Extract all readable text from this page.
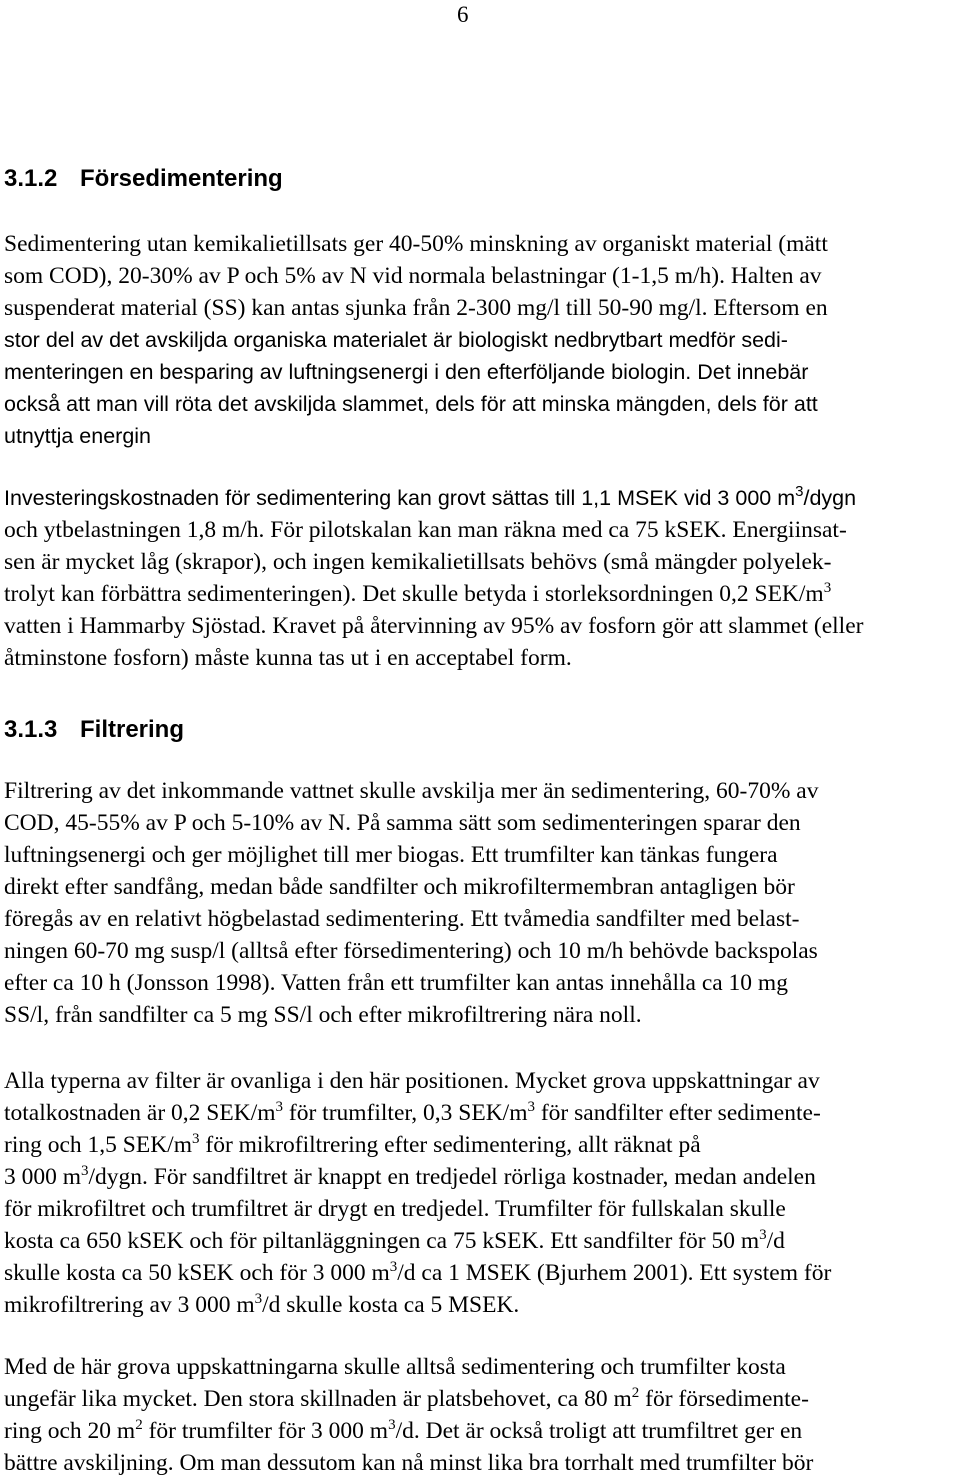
6
3.1.2 Försedimentering
Sedimentering utan kemikalietillsats ger 40-50% minskning av organiskt material (mätt
som COD), 20-30% av P och 5% av N vid normala belastningar (1-1,5 m/h). Halten av
suspenderat material (SS) kan antas sjunka från 2-300 mg/l till 50-90 mg/l. Eftersom en
stor del av det avskiljda organiska materialet är biologiskt nedbrytbart medför sedi-
menteringen en besparing av luftningsenergi i den efterföljande biologin. Det innebär
också att man vill röta det avskiljda slammet, dels för att minska mängden, dels för att
utnyttja energin
Investeringskostnaden för sedimentering kan grovt sättas till 1,1 MSEK vid 3 000 $m^3$/dygn
och ytbelastningen 1,8 m/h. För pilotskalan kan man räkna med ca 75 kSEK. Energiinsat-
sen är mycket låg (skrapor), och ingen kemikalietillsats behövs (små mängder polyelek-
trolyt kan förbättra sedimenteringen). Det skulle betyda i storleksordningen 0,2 SEK/$m^3$
vatten i Hammarby Sjöstad. Kravet på återvinning av 95% av fosforn gör att slammet (eller
åtminstone fosforn) måste kunna tas ut i en acceptabel form.
3.1.3 Filtrering
Filtrering av det inkommande vattnet skulle avskilja mer än sedimentering, 60-70% av
COD, 45-55% av P och 5-10% av N. På samma sätt som sedimenteringen sparar den
luftningsenergi och ger möjlighet till mer biogas. Ett trumfilter kan tänkas fungera
direkt efter sandfång, medan både sandfilter och mikrofiltermembran antagligen bör
föregås av en relativt högbelastad sedimentering. Ett tvåmedia sandfilter med belast-
ningen 60-70 mg susp/l (alltså efter försedimentering) och 10 m/h behövde backspolas
efter ca 10 h (Jonsson 1998). Vatten från ett trumfilter kan antas innehålla ca 10 mg
SS/l, från sandfilter ca 5 mg SS/l och efter mikrofiltrering nära noll.
Alla typerna av filter är ovanliga i den här positionen. Mycket grova uppskattningar av
totalkostnaden är 0,2 SEK/$m^3$ för trumfilter, 0,3 SEK/$m^3$ för sandfilter efter sedimente-
ring och 1,5 SEK/$m^3$ för mikrofiltrering efter sedimentering, allt räknat på
3 000 $m^3$/dygn. För sandfiltret är knappt en tredjedel rörliga kostnader, medan andelen
för mikrofiltret och trumfiltret är drygt en tredjedel. Trumfilter för fullskalan skulle
kosta ca 650 kSEK och för piltanläggningen ca 75 kSEK. Ett sandfilter för 50 $m^3/d$
skulle kosta ca 50 kSEK och för 3 000 $m^3/d$ ca 1 MSEK (Bjurhem 2001). Ett system för
mikrofiltrering av 3 000 $m^3/d$ skulle kosta ca 5 MSEK.
Med de här grova uppskattningarna skulle alltså sedimentering och trumfilter kosta
ungefär lika mycket. Den stora skillnaden är platsbehovet, ca 80 $m^2$ för försedimente-
ring och 20 $m^2$ för trumfilter för 3 000 $m^3/d$. Det är också troligt att trumfiltret ger en
bättre avskiljning. Om man dessutom kan nå minst lika bra torrhalt med trumfilter bör
